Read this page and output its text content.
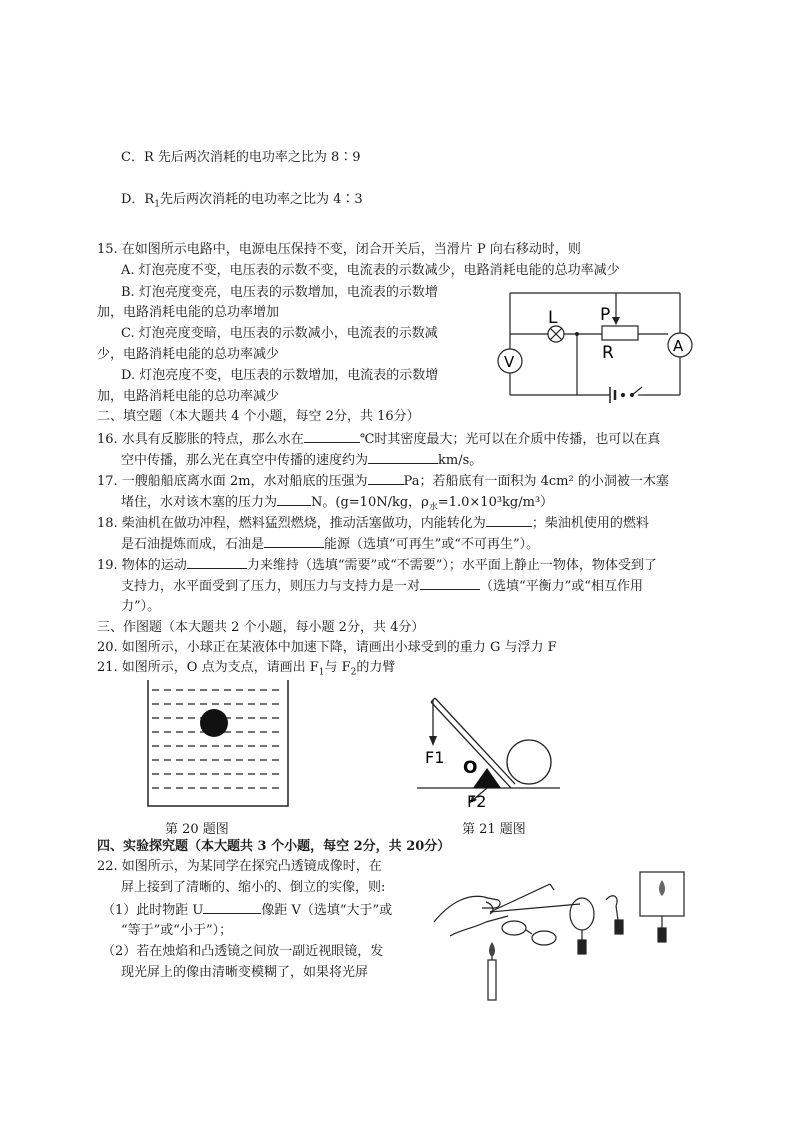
C．R 先后两次消耗的电功率之比为 8∶9
D．$R_1$先后两次消耗的电功率之比为 4∶3
15. 在如图所示电路中，电源电压保持不变，闭合开关后，当滑片 P 向右移动时，则
A. 灯泡亮度不变，电压表的示数不变，电流表的示数减少，电路消耗电能的总功率减少
B. 灯泡亮度变亮，电压表的示数增加，电流表的示数增
加，电路消耗电能的总功率增加
C. 灯泡亮度变暗，电压表的示数减小，电流表的示数减
少，电路消耗电能的总功率减少
D. 灯泡亮度不变，电压表的示数增加，电流表的示数增
加，电路消耗电能的总功率减少
L	P
R
V
A
二、填空题（本大题共 4 个小题，每空 2分，共 16分）
16. 水具有反膨胀的特点，那么水在	℃时其密度最大；光可以在介质中传播，也可以在真
空中传播，那么光在真空中传播的速度约为	km/s。
17. 一艘船船底离水面 2m，水对船底的压强为	Pa；若船底有一面积为 4cm² 的小洞被一木塞
堵住，水对该木塞的压力为	N。(g=10N/kg，$\rho_水=1.0\times 10^3kg/m^3$）
18. 柴油机在做功冲程，燃料猛烈燃烧，推动活塞做功，内能转化为	；柴油机使用的燃料
是石油提炼而成，石油是	能源（选填“可再生”或“不可再生”）。
19. 物体的运动	力来维持（选填“需要”或“不需要”）；水平面上静止一物体，物体受到了
支持力，水平面受到了压力，则压力与支持力是一对	（选填“平衡力”或“相互作用
力”）。
三、作图题（本大题共 2 个小题，每小题 2分，共 4分）
20. 如图所示，小球正在某液体中加速下降，请画出小球受到的重力 G 与浮力 F
21. 如图所示，O 点为支点，请画出 $F_1$与 $F_2$的力臂
第 20 题图
F1
O
F2
第 21 题图
四、实验探究题（本大题共 3 个小题，每空 2分，共 20分）
22. 如图所示，为某同学在探究凸透镜成像时，在
屏上接到了清晰的、缩小的、倒立的实像，则:
（1）此时物距 U	像距 V（选填“大于”或
“等于”或“小于”）；
（2）若在烛焰和凸透镜之间放一副近视眼镜，发
现光屏上的像由清晰变模糊了，如果将光屏
